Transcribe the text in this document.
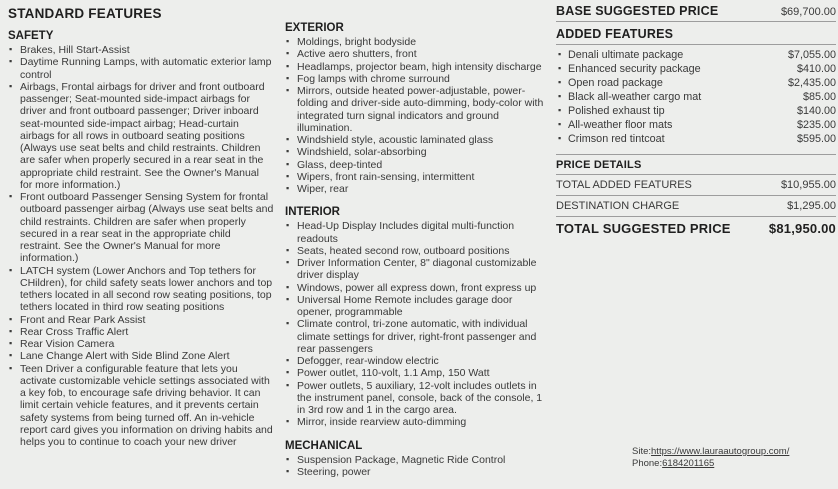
STANDARD FEATURES
SAFETY
▪ Brakes, Hill Start-Assist
▪ Daytime Running Lamps, with automatic exterior lamp control
▪ Airbags, Frontal airbags for driver and front outboard passenger; Seat-mounted side-impact airbags for driver and front outboard passenger; Driver inboard seat-mounted side-impact airbag; Head-curtain airbags for all rows in outboard seating positions (Always use seat belts and child restraints. Children are safer when properly secured in a rear seat in the appropriate child restraint. See the Owner's Manual for more information.)
▪ Front outboard Passenger Sensing System for frontal outboard passenger airbag (Always use seat belts and child restraints. Children are safer when properly secured in a rear seat in the appropriate child restraint. See the Owner's Manual for more information.)
▪ LATCH system (Lower Anchors and Top tethers for CHildren), for child safety seats lower anchors and top tethers located in all second row seating positions, top tethers located in third row seating positions
▪ Front and Rear Park Assist
▪ Rear Cross Traffic Alert
▪ Rear Vision Camera
▪ Lane Change Alert with Side Blind Zone Alert
▪ Teen Driver a configurable feature that lets you activate customizable vehicle settings associated with a key fob, to encourage safe driving behavior. It can limit certain vehicle features, and it prevents certain safety systems from being turned off. An in-vehicle report card gives you information on driving habits and helps you to continue to coach your new driver
EXTERIOR
▪ Moldings, bright bodyside
▪ Active aero shutters, front
▪ Headlamps, projector beam, high intensity discharge
▪ Fog lamps with chrome surround
▪ Mirrors, outside heated power-adjustable, power-folding and driver-side auto-dimming, body-color with integrated turn signal indicators and ground illumination.
▪ Windshield style, acoustic laminated glass
▪ Windshield, solar-absorbing
▪ Glass, deep-tinted
▪ Wipers, front rain-sensing, intermittent
▪ Wiper, rear
INTERIOR
▪ Head-Up Display Includes digital multi-function readouts
▪ Seats, heated second row, outboard positions
▪ Driver Information Center, 8" diagonal customizable driver display
▪ Windows, power all express down, front express up
▪ Universal Home Remote includes garage door opener, programmable
▪ Climate control, tri-zone automatic, with individual climate settings for driver, right-front passenger and rear passengers
▪ Defogger, rear-window electric
▪ Power outlet, 110-volt, 1.1 Amp, 150 Watt
▪ Power outlets, 5 auxiliary, 12-volt includes outlets in the instrument panel, console, back of the console, 1 in 3rd row and 1 in the cargo area.
▪ Mirror, inside rearview auto-dimming
MECHANICAL
▪ Suspension Package, Magnetic Ride Control
▪ Steering, power
BASE SUGGESTED PRICE	$69,700.00
ADDED FEATURES
▪ Denali ultimate package	$7,055.00
▪ Enhanced security package	$410.00
▪ Open road package	$2,435.00
▪ Black all-weather cargo mat	$85.00
▪ Polished exhaust tip	$140.00
▪ All-weather floor mats	$235.00
▪ Crimson red tintcoat	$595.00
PRICE DETAILS
TOTAL ADDED FEATURES	$10,955.00
DESTINATION CHARGE	$1,295.00
TOTAL SUGGESTED PRICE	$81,950.00
Site:https://www.lauraautogroup.com/
Phone:6184201165
